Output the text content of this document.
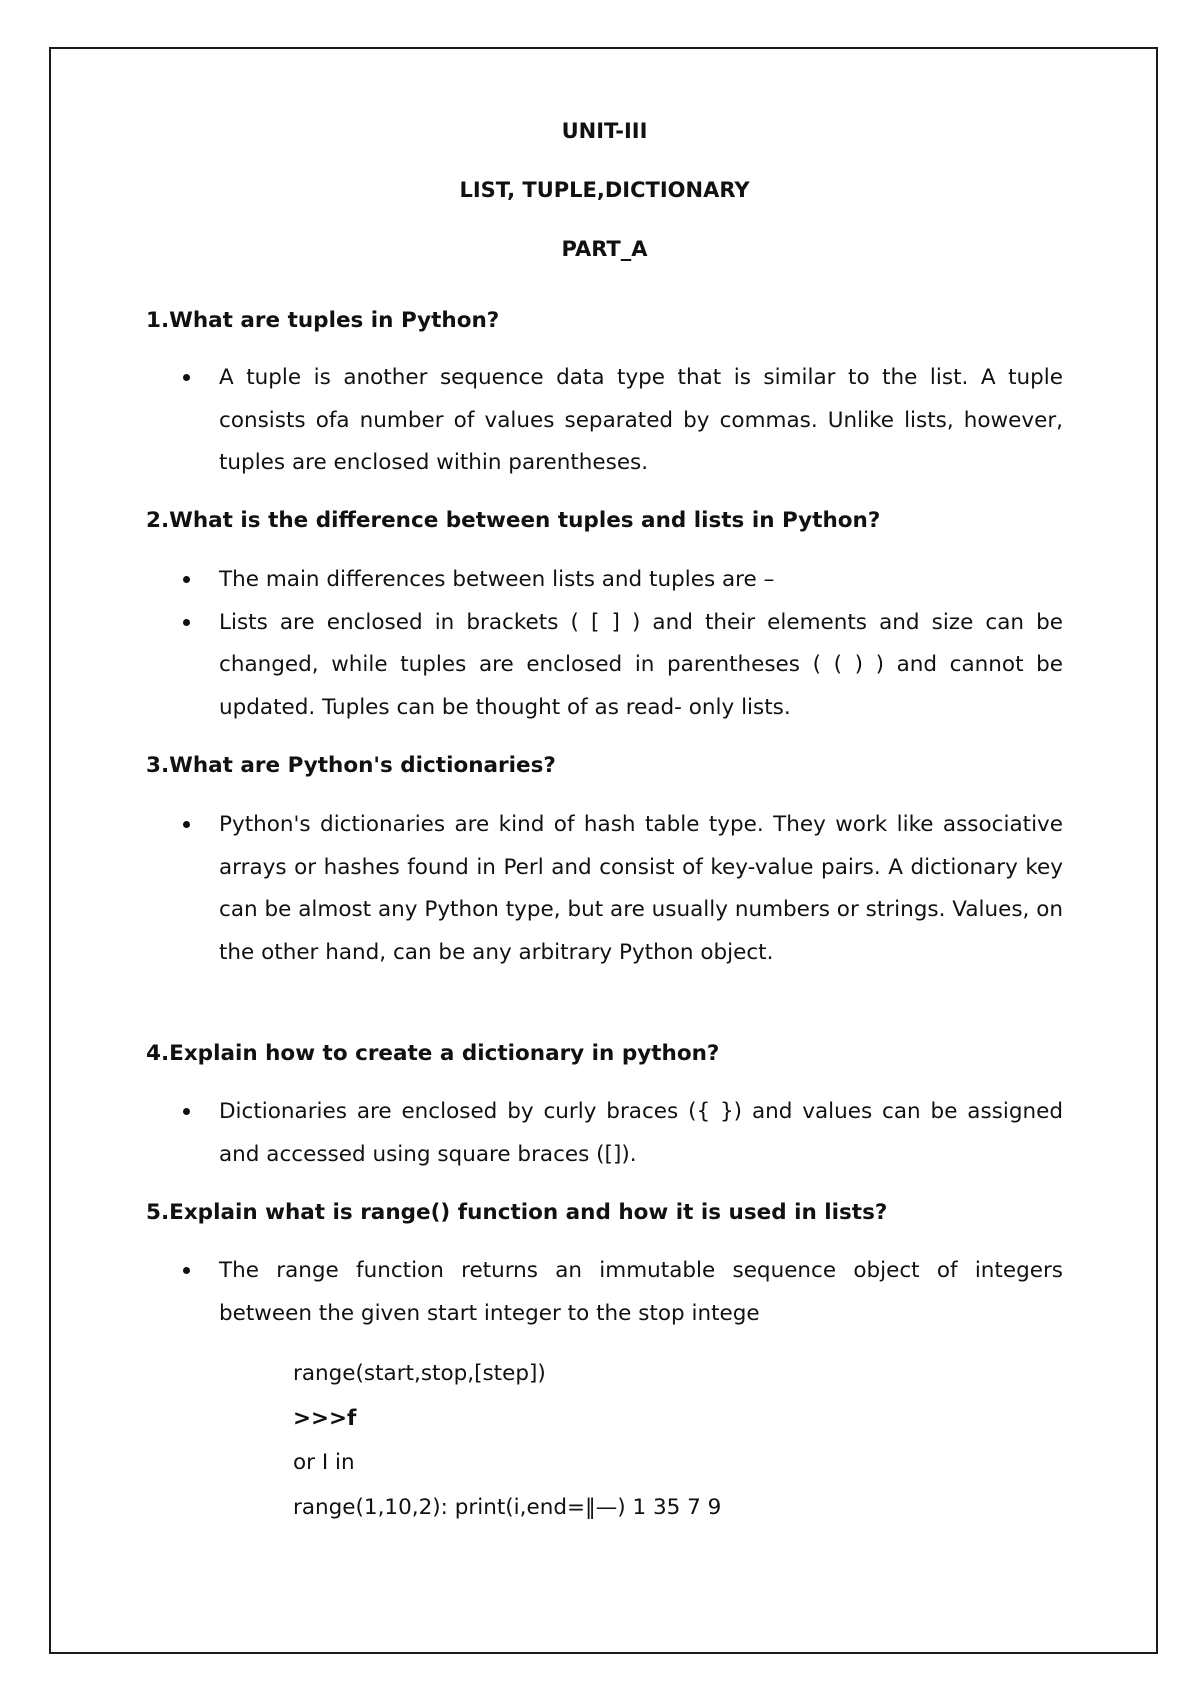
UNIT-III
LIST, TUPLE,DICTIONARY
PART_A
1.What are tuples in Python?
A tuple is another sequence data type that is similar to the list. A tuple consists ofa number of values separated by commas. Unlike lists, however, tuples are enclosed within parentheses.
2.What is the difference between tuples and lists in Python?
The main differences between lists and tuples are –
Lists are enclosed in brackets ( [ ] ) and their elements and size can be changed, while tuples are enclosed in parentheses ( ( ) ) and cannot be updated. Tuples can be thought of as read- only lists.
3.What are Python's dictionaries?
Python's dictionaries are kind of hash table type. They work like associative arrays or hashes found in Perl and consist of key-value pairs. A dictionary key can be almost any Python type, but are usually numbers or strings. Values, on the other hand, can be any arbitrary Python object.
4.Explain how to create a dictionary in python?
Dictionaries are enclosed by curly braces ({ }) and values can be assigned and accessed using square braces ([]).
5.Explain what is range() function and how it is used in lists?
The range function returns an immutable sequence object of integers between the given start integer to the stop intege
range(start,stop,[step])
>>>f
or I in
range(1,10,2): print(i,end=‖—) 1 35 7 9
